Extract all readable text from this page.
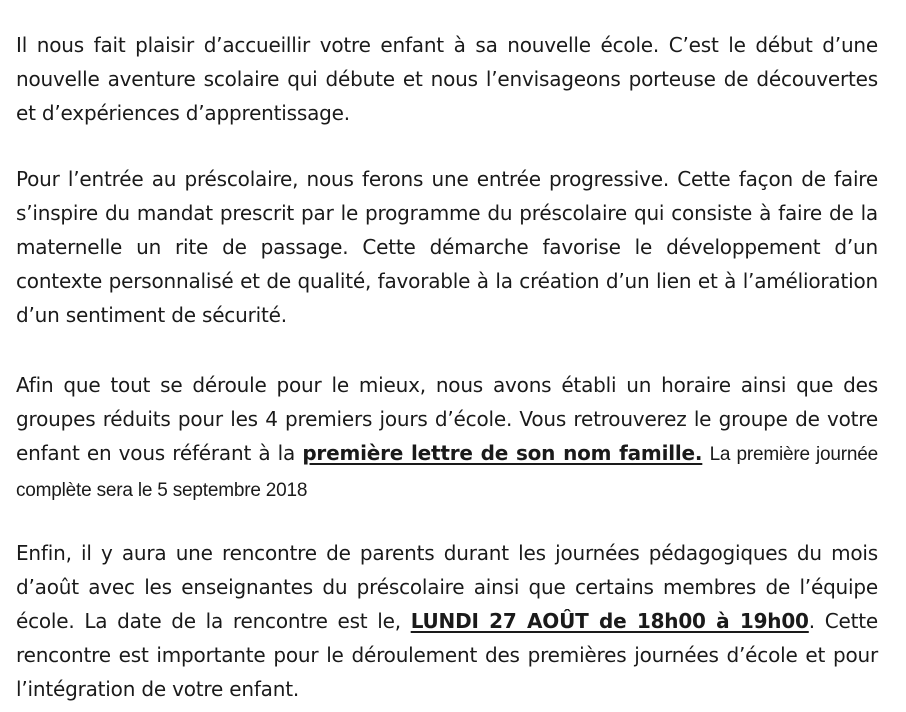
Il nous fait plaisir d’accueillir votre enfant à sa nouvelle école. C’est le début d’une nouvelle aventure scolaire qui débute et nous l’envisageons porteuse de découvertes et d’expériences d’apprentissage.

Pour l’entrée au préscolaire, nous ferons une entrée progressive. Cette façon de faire s’inspire du mandat prescrit par le programme du préscolaire qui consiste à faire de la maternelle un rite de passage. Cette démarche favorise le développement d’un contexte personnalisé et de qualité, favorable à la création d’un lien et à l’amélioration d’un sentiment de sécurité.

Afin que tout se déroule pour le mieux, nous avons établi un horaire ainsi que des groupes réduits pour les 4 premiers jours d’école. Vous retrouverez le groupe de votre enfant en vous référant à la première lettre de son nom famille. La première journée complète sera le 5 septembre 2018

Enfin, il y aura une rencontre de parents durant les journées pédagogiques du mois d’août avec les enseignantes du préscolaire ainsi que certains membres de l’équipe école. La date de la rencontre est le, LUNDI 27 AOÛT de 18h00 à 19h00. Cette rencontre est importante pour le déroulement des premières journées d’école et pour l’intégration de votre enfant.
